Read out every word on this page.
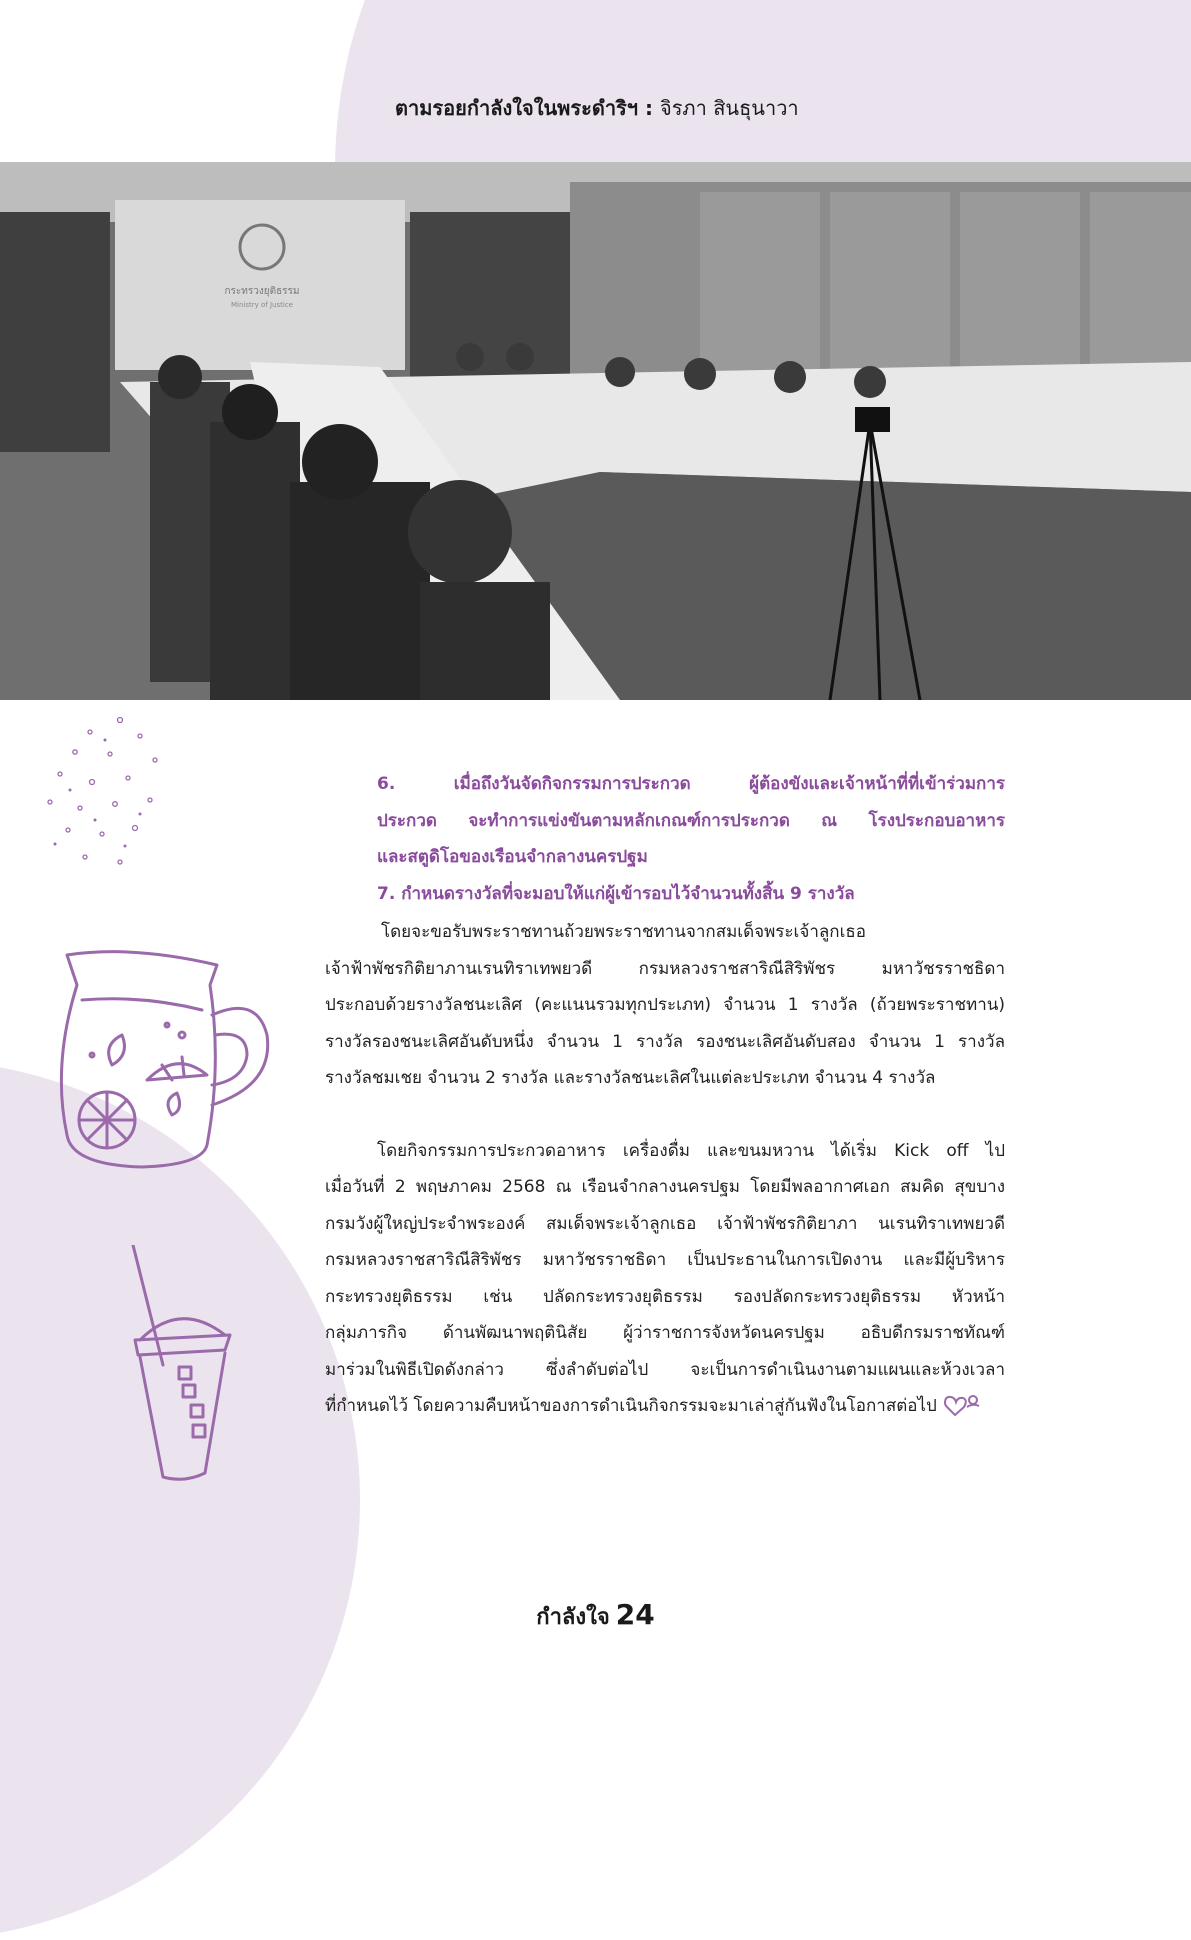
ตามรอยกำลังใจในพระดำริฯ : จิรภา สินธุนาวา
กระทรวงยุติธรรม
Ministry of Justice

6. เมื่อถึงวันจัดกิจกรรมการประกวด ผู้ต้องขังและเจ้าหน้าที่ที่เข้าร่วมการ
ประกวด จะทำการแข่งขันตามหลักเกณฑ์การประกวด ณ โรงประกอบอาหาร
และสตูดิโอของเรือนจำกลางนครปฐม

7. กำหนดรางวัลที่จะมอบให้แก่ผู้เข้ารอบไว้จำนวนทั้งสิ้น 9 รางวัล

โดยจะขอรับพระราชทานถ้วยพระราชทานจากสมเด็จพระเจ้าลูกเธอ
เจ้าฟ้าพัชรกิติยาภานเรนทิราเทพยวดี กรมหลวงราชสาริณีสิริพัชร มหาวัชรราชธิดา
ประกอบด้วยรางวัลชนะเลิศ (คะแนนรวมทุกประเภท) จำนวน 1 รางวัล (ถ้วยพระราชทาน)
รางวัลรองชนะเลิศอันดับหนึ่ง จำนวน 1 รางวัล รองชนะเลิศอันดับสอง จำนวน 1 รางวัล
รางวัลชมเชย จำนวน 2 รางวัล และรางวัลชนะเลิศในแต่ละประเภท จำนวน 4 รางวัล

โดยกิจกรรมการประกวดอาหาร เครื่องดื่ม และขนมหวาน ได้เริ่ม Kick off ไป
เมื่อวันที่ 2 พฤษภาคม 2568 ณ เรือนจำกลางนครปฐม โดยมีพลอากาศเอก สมคิด สุขบาง
กรมวังผู้ใหญ่ประจำพระองค์ สมเด็จพระเจ้าลูกเธอ เจ้าฟ้าพัชรกิติยาภา นเรนทิราเทพยวดี
กรมหลวงราชสาริณีสิริพัชร มหาวัชรราชธิดา เป็นประธานในการเปิดงาน และมีผู้บริหาร
กระทรวงยุติธรรม เช่น ปลัดกระทรวงยุติธรรม รองปลัดกระทรวงยุติธรรม หัวหน้า
กลุ่มภารกิจ ด้านพัฒนาพฤตินิสัย ผู้ว่าราชการจังหวัดนครปฐม อธิบดีกรมราชทัณฑ์
มาร่วมในพิธีเปิดดังกล่าว ซึ่งลำดับต่อไป จะเป็นการดำเนินงานตามแผนและห้วงเวลา
ที่กำหนดไว้ โดยความคืบหน้าของการดำเนินกิจกรรมจะมาเล่าสู่กันฟังในโอกาสต่อไป

กำลังใจ 24
